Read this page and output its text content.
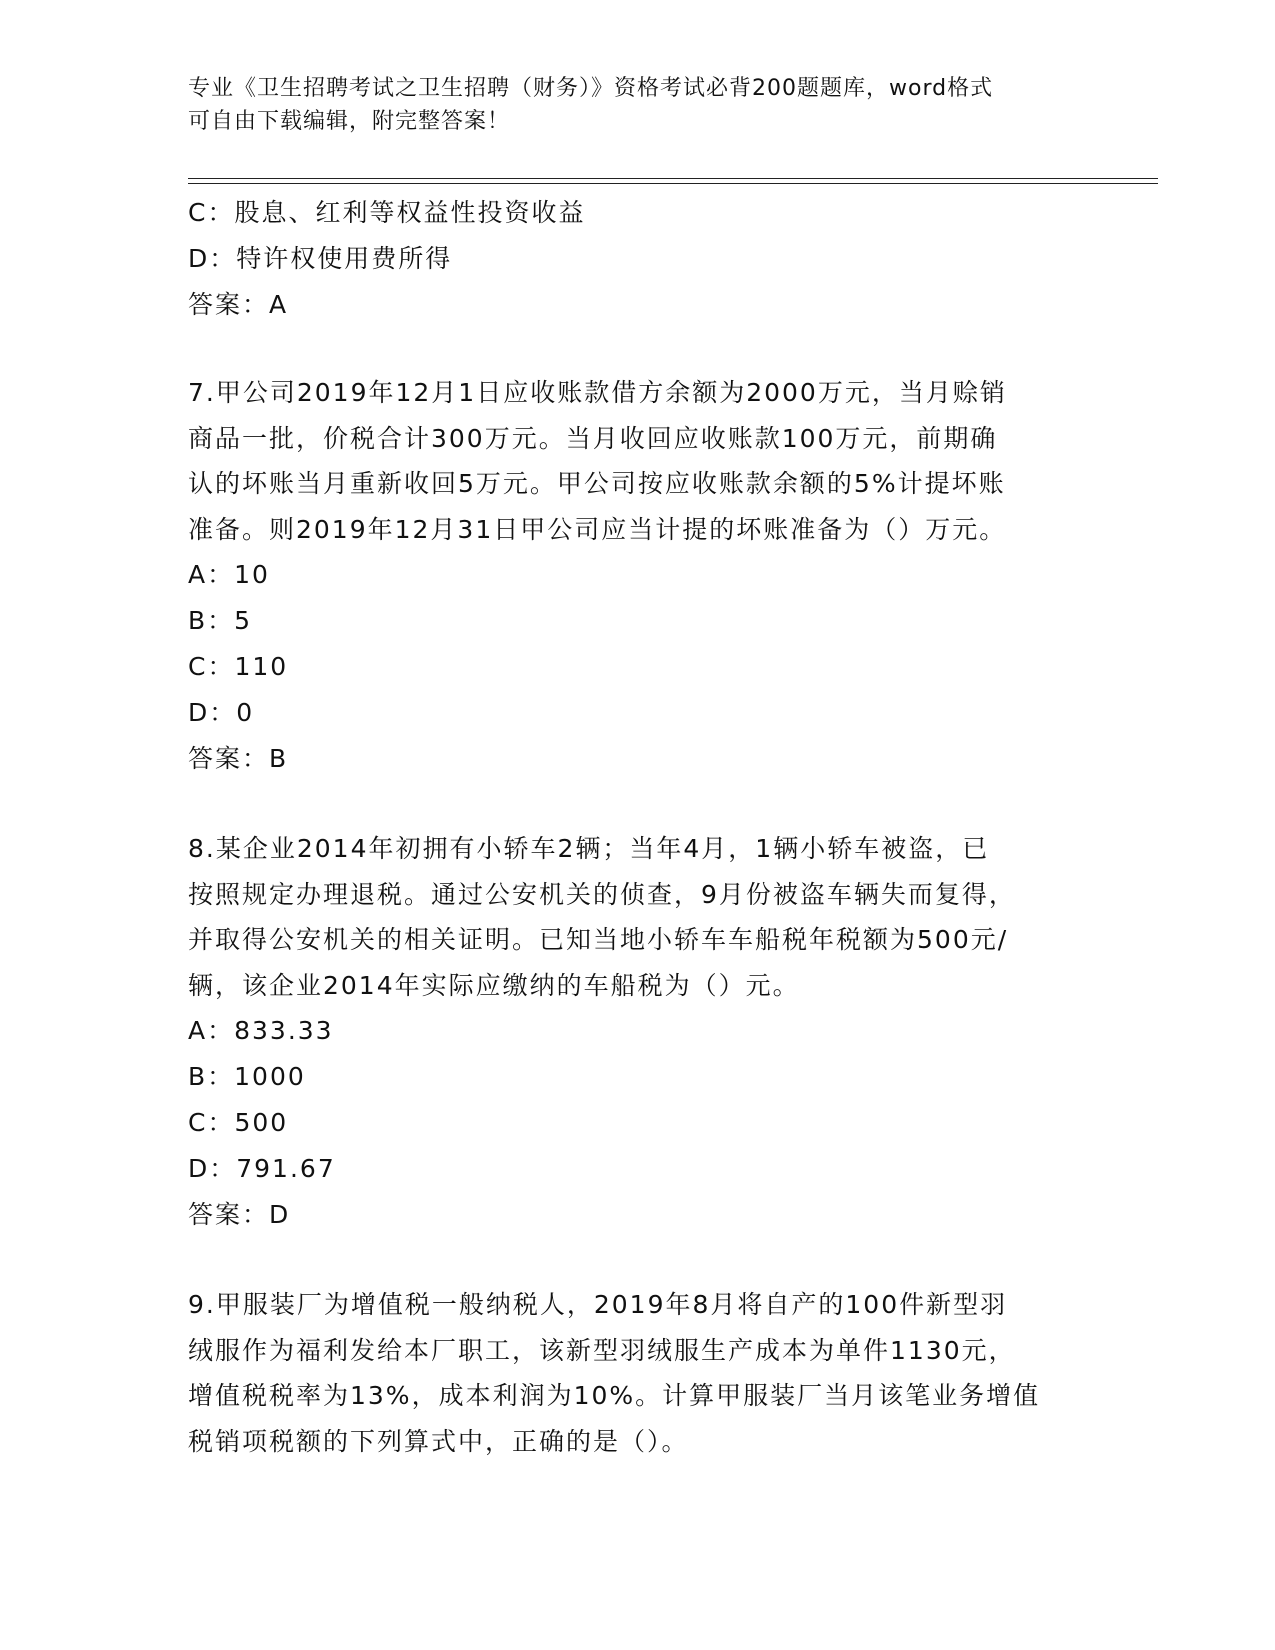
专业《卫生招聘考试之卫生招聘（财务）》资格考试必背200题题库，word格式
可自由下载编辑，附完整答案！
C：股息、红利等权益性投资收益
D：特许权使用费所得
答案：A
7.甲公司2019年12月1日应收账款借方余额为2000万元，当月赊销
商品一批，价税合计300万元。当月收回应收账款100万元，前期确
认的坏账当月重新收回5万元。甲公司按应收账款余额的5%计提坏账
准备。则2019年12月31日甲公司应当计提的坏账准备为（）万元。
A：10
B：5
C：110
D：0
答案：B
8.某企业2014年初拥有小轿车2辆；当年4月，1辆小轿车被盗，已
按照规定办理退税。通过公安机关的侦查，9月份被盗车辆失而复得，
并取得公安机关的相关证明。已知当地小轿车车船税年税额为500元/
辆，该企业2014年实际应缴纳的车船税为（）元。
A：833.33
B：1000
C：500
D：791.67
答案：D
9.甲服装厂为增值税一般纳税人，2019年8月将自产的100件新型羽
绒服作为福利发给本厂职工，该新型羽绒服生产成本为单件1130元，
增值税税率为13%，成本利润为10%。计算甲服装厂当月该笔业务增值
税销项税额的下列算式中，正确的是（）。
